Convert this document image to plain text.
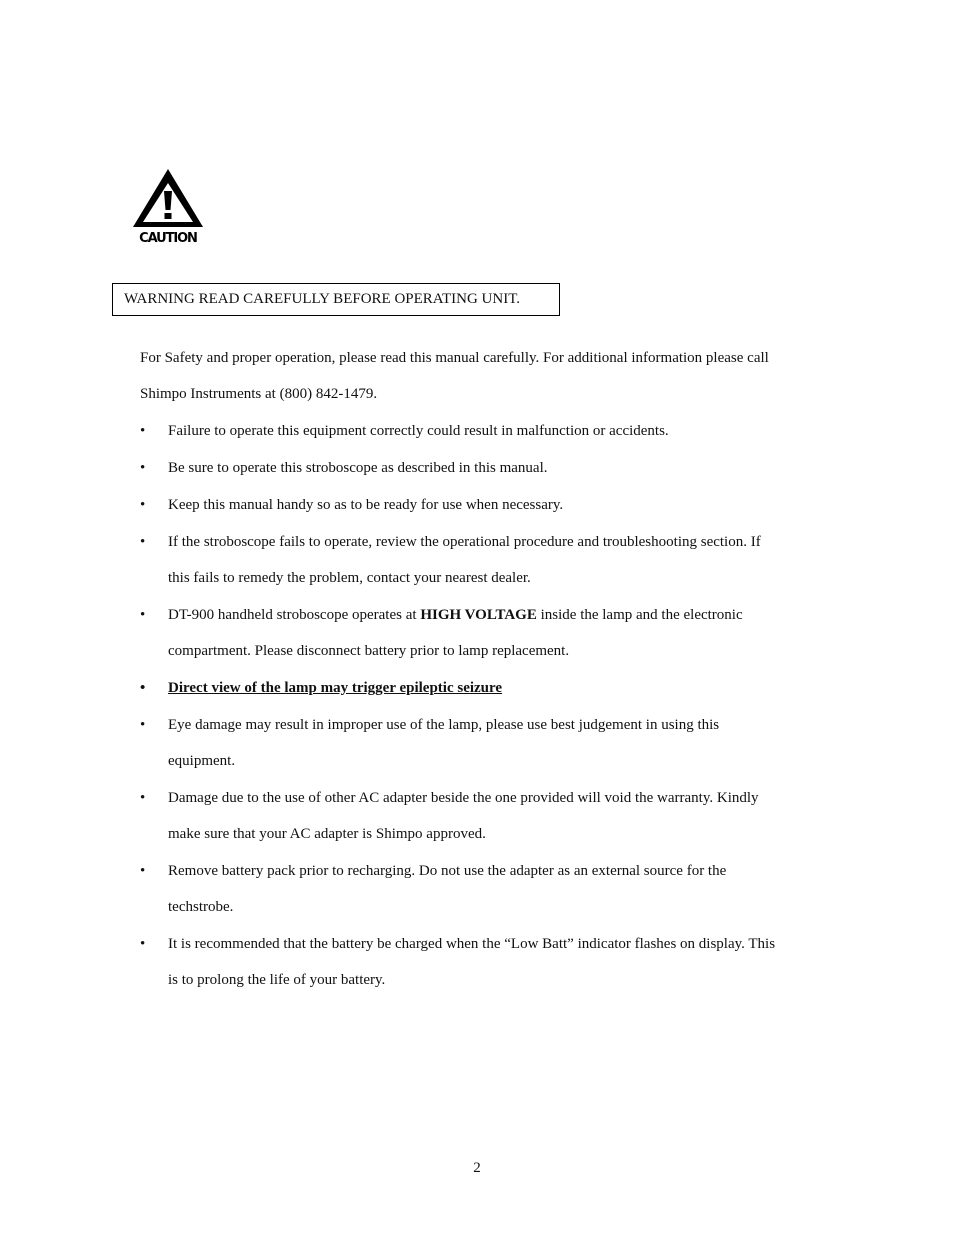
CAUTION
WARNING READ CAREFULLY BEFORE OPERATING UNIT.

For Safety and proper operation, please read this manual carefully. For additional information please call
Shimpo Instruments at (800) 842-1479.

• Failure to operate this equipment correctly could result in malfunction or accidents.
• Be sure to operate this stroboscope as described in this manual.
• Keep this manual handy so as to be ready for use when necessary.
• If the stroboscope fails to operate, review the operational procedure and troubleshooting section. If
this fails to remedy the problem, contact your nearest dealer.
• DT-900 handheld stroboscope operates at HIGH VOLTAGE inside the lamp and the electronic
compartment. Please disconnect battery prior to lamp replacement.
• Direct view of the lamp may trigger epileptic seizure
• Eye damage may result in improper use of the lamp, please use best judgement in using this
equipment.
• Damage due to the use of other AC adapter beside the one provided will void the warranty. Kindly
make sure that your AC adapter is Shimpo approved.
• Remove battery pack prior to recharging. Do not use the adapter as an external source for the
techstrobe.
• It is recommended that the battery be charged when the “Low Batt” indicator flashes on display. This
is to prolong the life of your battery.
2
